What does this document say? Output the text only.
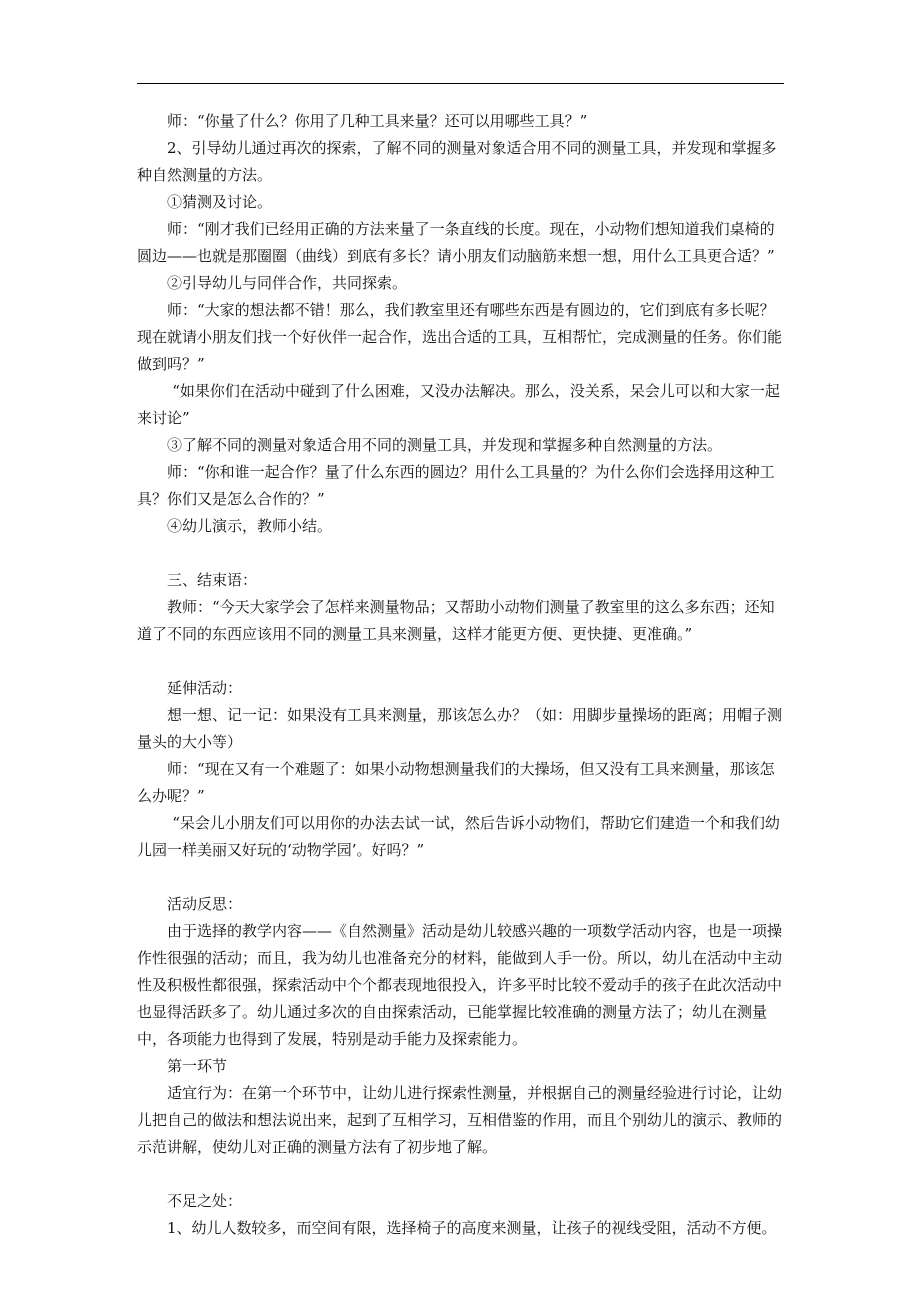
师：“你量了什么？你用了几种工具来量？还可以用哪些工具？”

2、引导幼儿通过再次的探索，了解不同的测量对象适合用不同的测量工具，并发现和掌握多种自然测量的方法。

①猜测及讨论。

师：“刚才我们已经用正确的方法来量了一条直线的长度。现在，小动物们想知道我们桌椅的圆边——也就是那圈圈（曲线）到底有多长？请小朋友们动脑筋来想一想，用什么工具更合适？”

②引导幼儿与同伴合作，共同探索。

师：“大家的想法都不错！那么，我们教室里还有哪些东西是有圆边的，它们到底有多长呢？现在就请小朋友们找一个好伙伴一起合作，选出合适的工具，互相帮忙，完成测量的任务。你们能做到吗？”

“如果你们在活动中碰到了什么困难，又没办法解决。那么，没关系，呆会儿可以和大家一起来讨论”

③了解不同的测量对象适合用不同的测量工具，并发现和掌握多种自然测量的方法。

师：“你和谁一起合作？量了什么东西的圆边？用什么工具量的？为什么你们会选择用这种工具？你们又是怎么合作的？”

④幼儿演示，教师小结。

三、结束语：

教师：“今天大家学会了怎样来测量物品；又帮助小动物们测量了教室里的这么多东西；还知道了不同的东西应该用不同的测量工具来测量，这样才能更方便、更快捷、更准确。”

延伸活动：

想一想、记一记：如果没有工具来测量，那该怎么办？（如：用脚步量操场的距离；用帽子测量头的大小等）

师：“现在又有一个难题了：如果小动物想测量我们的大操场，但又没有工具来测量，那该怎么办呢？”

“呆会儿小朋友们可以用你的办法去试一试，然后告诉小动物们，帮助它们建造一个和我们幼儿园一样美丽又好玩的‘动物学园’。好吗？”

活动反思：

由于选择的教学内容——《自然测量》活动是幼儿较感兴趣的一项数学活动内容，也是一项操作性很强的活动；而且，我为幼儿也准备充分的材料，能做到人手一份。所以，幼儿在活动中主动性及积极性都很强，探索活动中个个都表现地很投入，许多平时比较不爱动手的孩子在此次活动中也显得活跃多了。幼儿通过多次的自由探索活动，已能掌握比较准确的测量方法了；幼儿在测量中，各项能力也得到了发展，特别是动手能力及探索能力。

第一环节

适宜行为：在第一个环节中，让幼儿进行探索性测量，并根据自己的测量经验进行讨论，让幼儿把自己的做法和想法说出来，起到了互相学习，互相借鉴的作用，而且个别幼儿的演示、教师的示范讲解，使幼儿对正确的测量方法有了初步地了解。

不足之处：

1、幼儿人数较多，而空间有限，选择椅子的高度来测量，让孩子的视线受阻，活动不方便。
